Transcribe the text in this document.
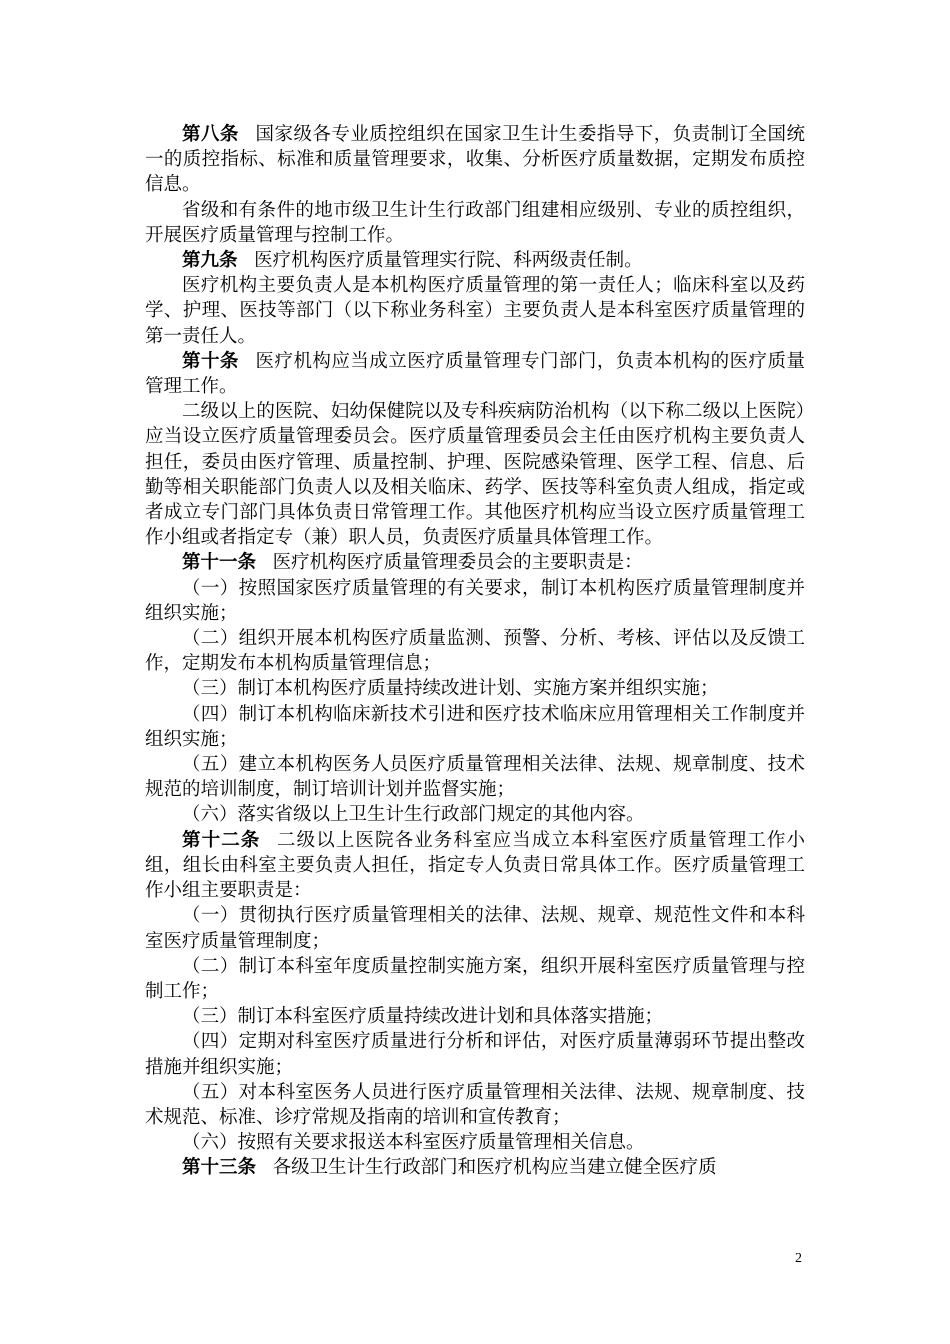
第八条 国家级各专业质控组织在国家卫生计生委指导下，负责制订全国统一的质控指标、标准和质量管理要求，收集、分析医疗质量数据，定期发布质控信息。

省级和有条件的地市级卫生计生行政部门组建相应级别、专业的质控组织，开展医疗质量管理与控制工作。

第九条 医疗机构医疗质量管理实行院、科两级责任制。

医疗机构主要负责人是本机构医疗质量管理的第一责任人；临床科室以及药学、护理、医技等部门（以下称业务科室）主要负责人是本科室医疗质量管理的第一责任人。

第十条 医疗机构应当成立医疗质量管理专门部门，负责本机构的医疗质量管理工作。

二级以上的医院、妇幼保健院以及专科疾病防治机构（以下称二级以上医院）应当设立医疗质量管理委员会。医疗质量管理委员会主任由医疗机构主要负责人担任，委员由医疗管理、质量控制、护理、医院感染管理、医学工程、信息、后勤等相关职能部门负责人以及相关临床、药学、医技等科室负责人组成，指定或者成立专门部门具体负责日常管理工作。其他医疗机构应当设立医疗质量管理工作小组或者指定专（兼）职人员，负责医疗质量具体管理工作。

第十一条 医疗机构医疗质量管理委员会的主要职责是：

（一）按照国家医疗质量管理的有关要求，制订本机构医疗质量管理制度并组织实施；

（二）组织开展本机构医疗质量监测、预警、分析、考核、评估以及反馈工作，定期发布本机构质量管理信息；

（三）制订本机构医疗质量持续改进计划、实施方案并组织实施；

（四）制订本机构临床新技术引进和医疗技术临床应用管理相关工作制度并组织实施；

（五）建立本机构医务人员医疗质量管理相关法律、法规、规章制度、技术规范的培训制度，制订培训计划并监督实施；

（六）落实省级以上卫生计生行政部门规定的其他内容。

第十二条 二级以上医院各业务科室应当成立本科室医疗质量管理工作小组，组长由科室主要负责人担任，指定专人负责日常具体工作。医疗质量管理工作小组主要职责是：

（一）贯彻执行医疗质量管理相关的法律、法规、规章、规范性文件和本科室医疗质量管理制度；

（二）制订本科室年度质量控制实施方案，组织开展科室医疗质量管理与控制工作；

（三）制订本科室医疗质量持续改进计划和具体落实措施；

（四）定期对科室医疗质量进行分析和评估，对医疗质量薄弱环节提出整改措施并组织实施；

（五）对本科室医务人员进行医疗质量管理相关法律、法规、规章制度、技术规范、标准、诊疗常规及指南的培训和宣传教育；

（六）按照有关要求报送本科室医疗质量管理相关信息。

第十三条 各级卫生计生行政部门和医疗机构应当建立健全医疗质

2
